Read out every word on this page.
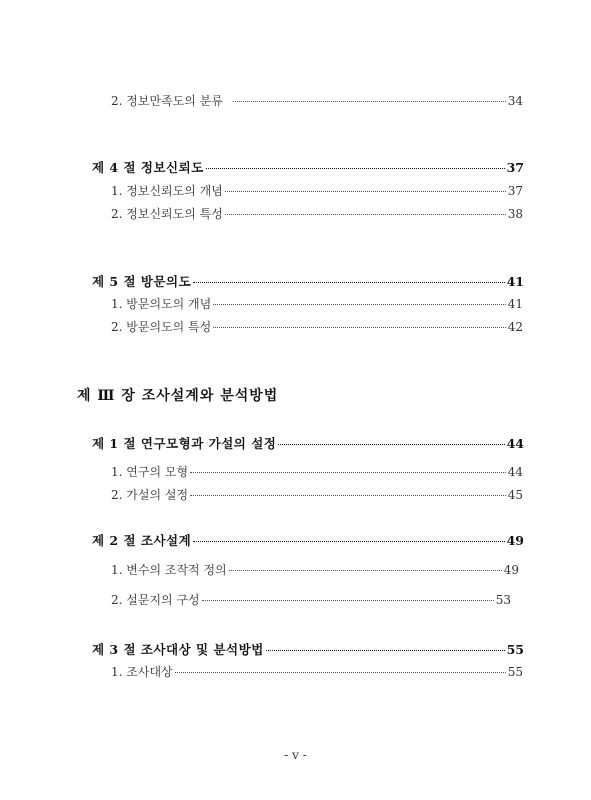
2. 정보만족도의 분류	34
제 4 절 정보신뢰도	37
1. 정보신뢰도의 개념	37
2. 정보신뢰도의 특성	38
제 5 절 방문의도	41
1. 방문의도의 개념	41
2. 방문의도의 특성	42
제 Ⅲ 장 조사설계와 분석방법
제 1 절 연구모형과 가설의 설정	44
1. 연구의 모형	44
2. 가설의 설정	45
제 2 절 조사설계	49
1. 변수의 조작적 정의	49
2. 설문지의 구성	53
제 3 절 조사대상 및 분석방법	55
1. 조사대상	55
- v -
